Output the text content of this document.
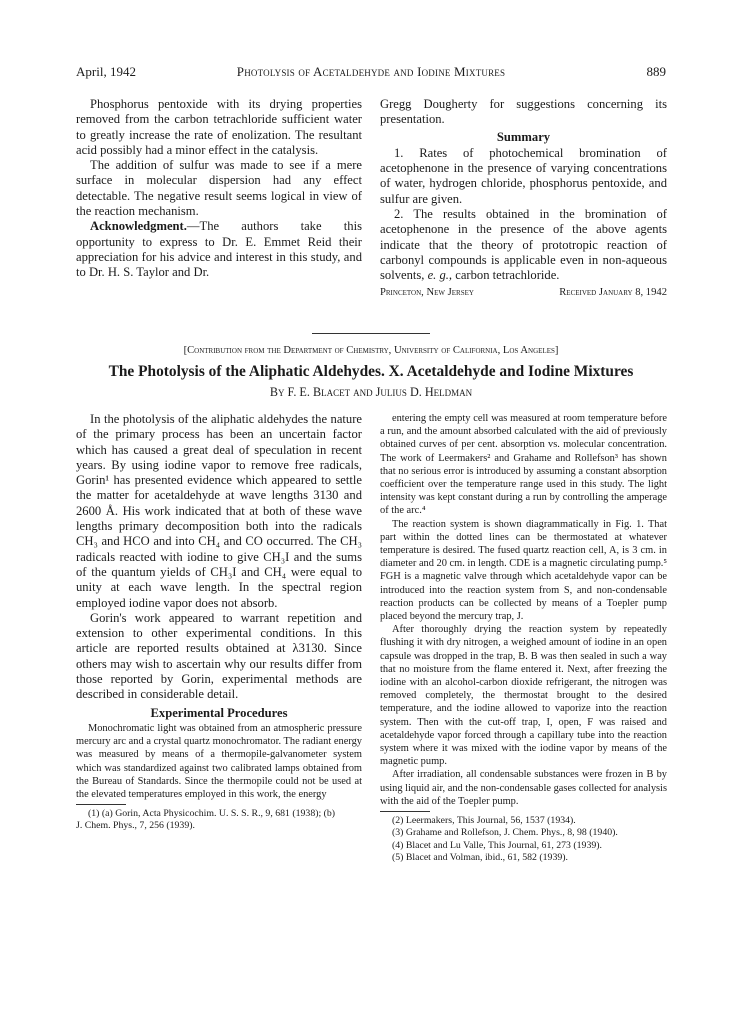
April, 1942	Photolysis of Acetaldehyde and Iodine Mixtures	889

Phosphorus pentoxide with its drying properties removed from the carbon tetrachloride sufficient water to greatly increase the rate of enolization. The resultant acid possibly had a minor effect in the catalysis.

The addition of sulfur was made to see if a mere surface in molecular dispersion had any effect detectable. The negative result seems logical in view of the reaction mechanism.

Acknowledgment.—The authors take this opportunity to express to Dr. E. Emmet Reid their appreciation for his advice and interest in this study, and to Dr. H. S. Taylor and Dr.

Gregg Dougherty for suggestions concerning its presentation.

Summary

1. Rates of photochemical bromination of acetophenone in the presence of varying concentrations of water, hydrogen chloride, phosphorus pentoxide, and sulfur are given.

2. The results obtained in the bromination of acetophenone in the presence of the above agents indicate that the theory of prototropic reaction of carbonyl compounds is applicable even in non-aqueous solvents, e. g., carbon tetrachloride.

Princeton, New Jersey	Received January 8, 1942
[Contribution from the Department of Chemistry, University of California, Los Angeles]
The Photolysis of the Aliphatic Aldehydes. X. Acetaldehyde and Iodine Mixtures
By F. E. Blacet and Julius D. Heldman

In the photolysis of the aliphatic aldehydes the nature of the primary process has been an uncertain factor which has caused a great deal of speculation in recent years. By using iodine vapor to remove free radicals, Gorin¹ has presented evidence which appeared to settle the matter for acetaldehyde at wave lengths 3130 and 2600 Å. His work indicated that at both of these wave lengths primary decomposition both into the radicals CH₃ and HCO and into CH₄ and CO occurred. The CH₃ radicals reacted with iodine to give CH₃I and the sums of the quantum yields of CH₃I and CH₄ were equal to unity at each wave length. In the spectral region employed iodine vapor does not absorb.

Gorin's work appeared to warrant repetition and extension to other experimental conditions. In this article are reported results obtained at λ3130. Since others may wish to ascertain why our results differ from those reported by Gorin, experimental methods are described in considerable detail.

Experimental Procedures

Monochromatic light was obtained from an atmospheric pressure mercury arc and a crystal quartz monochromator. The radiant energy was measured by means of a thermopile-galvanometer system which was standardized against two calibrated lamps obtained from the Bureau of Standards. Since the thermopile could not be used at the elevated temperatures employed in this work, the energy

(1) (a) Gorin, Acta Physicochim. U. S. S. R., 9, 681 (1938); (b)
J. Chem. Phys., 7, 256 (1939).

entering the empty cell was measured at room temperature before a run, and the amount absorbed calculated with the aid of previously obtained curves of per cent. absorption vs. molecular concentration. The work of Leermakers² and Grahame and Rollefson³ has shown that no serious error is introduced by assuming a constant absorption coefficient over the temperature range used in this study. The light intensity was kept constant during a run by controlling the amperage of the arc.⁴

The reaction system is shown diagrammatically in Fig. 1. That part within the dotted lines can be thermostated at whatever temperature is desired. The fused quartz reaction cell, A, is 3 cm. in diameter and 20 cm. in length. CDE is a magnetic circulating pump.⁵ FGH is a magnetic valve through which acetaldehyde vapor can be introduced into the reaction system from S, and non-condensable reaction products can be collected by means of a Toepler pump placed beyond the mercury trap, J.

After thoroughly drying the reaction system by repeatedly flushing it with dry nitrogen, a weighed amount of iodine in an open capsule was dropped in the trap, B. B was then sealed in such a way that no moisture from the flame entered it. Next, after freezing the iodine with an alcohol-carbon dioxide refrigerant, the nitrogen was removed completely, the thermostat brought to the desired temperature, and the iodine allowed to vaporize into the reaction system. Then with the cut-off trap, I, open, F was raised and acetaldehyde vapor forced through a capillary tube into the reaction system where it was mixed with the iodine vapor by means of the magnetic pump.

After irradiation, all condensable substances were frozen in B by using liquid air, and the non-condensable gases collected for analysis with the aid of the Toepler pump.

(2) Leermakers, This Journal, 56, 1537 (1934).
(3) Grahame and Rollefson, J. Chem. Phys., 8, 98 (1940).
(4) Blacet and Lu Valle, This Journal, 61, 273 (1939).
(5) Blacet and Volman, ibid., 61, 582 (1939).
